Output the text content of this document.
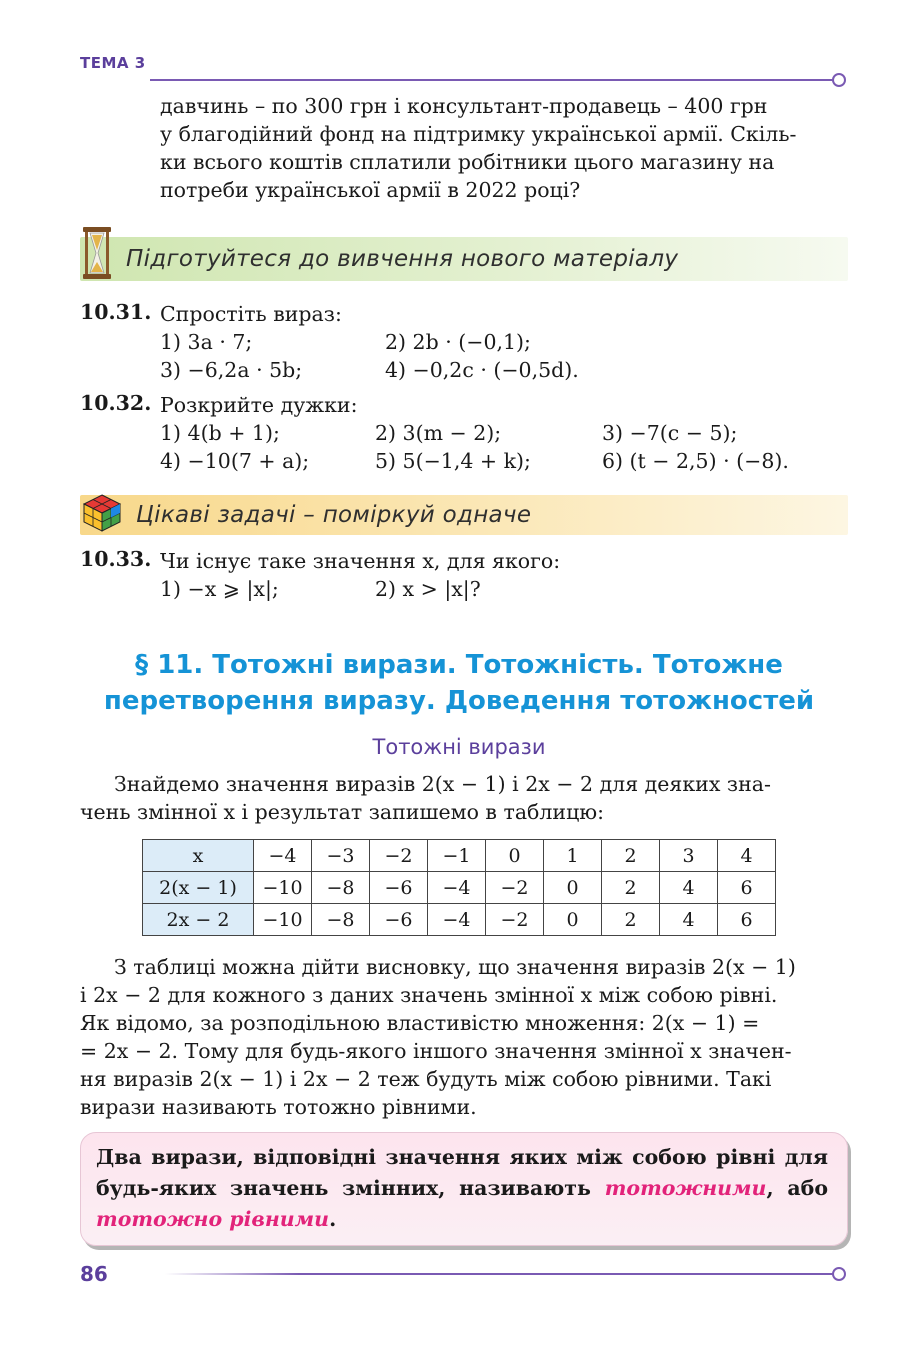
ТЕМА 3
давчинь – по 300 грн і консультант-продавець – 400 грн
у благодійний фонд на підтримку української армії. Скіль-
ки всього коштів сплатили робітники цього магазину на
потреби української армії в 2022 році?
Підготуйтеся до вивчення нового матеріалу
10.31. Спростіть вираз:
1) 3a · 7;	2) 2b · (−0,1);
3) −6,2a · 5b;	4) −0,2c · (−0,5d).
10.32. Розкрийте дужки:
1) 4(b + 1);	2) 3(m − 2);	3) −7(c − 5);
4) −10(7 + a);	5) 5(−1,4 + k);	6) (t − 2,5) · (−8).
Цікаві задачі – поміркуй одначе
10.33. Чи існує таке значення x, для якого:
1) −x ⩾ |x|;	2) x > |x|?
§ 11. Тотожні вирази. Тотожність. Тотожне
перетворення виразу. Доведення тотожностей
Тотожні вирази
Знайдемо значення виразів 2(x − 1) і 2x − 2 для деяких зна-
чень змінної x і результат запишемо в таблицю:
x	−4	−3	−2	−1	0	1	2	3	4
2(x − 1)	−10	−8	−6	−4	−2	0	2	4	6
2x − 2	−10	−8	−6	−4	−2	0	2	4	6
З таблиці можна дійти висновку, що значення виразів 2(x − 1)
і 2x − 2 для кожного з даних значень змінної x між собою рівні.
Як відомо, за розподільною властивістю множення: 2(x − 1) =
= 2x − 2. Тому для будь-якого іншого значення змінної x значен-
ня виразів 2(x − 1) і 2x − 2 теж будуть між собою рівними. Такі
вирази називають тотожно рівними.
Два вирази, відповідні значення яких між собою рівні для будь-яких значень змінних, називають тотожними, або тотожно рівними.
86
